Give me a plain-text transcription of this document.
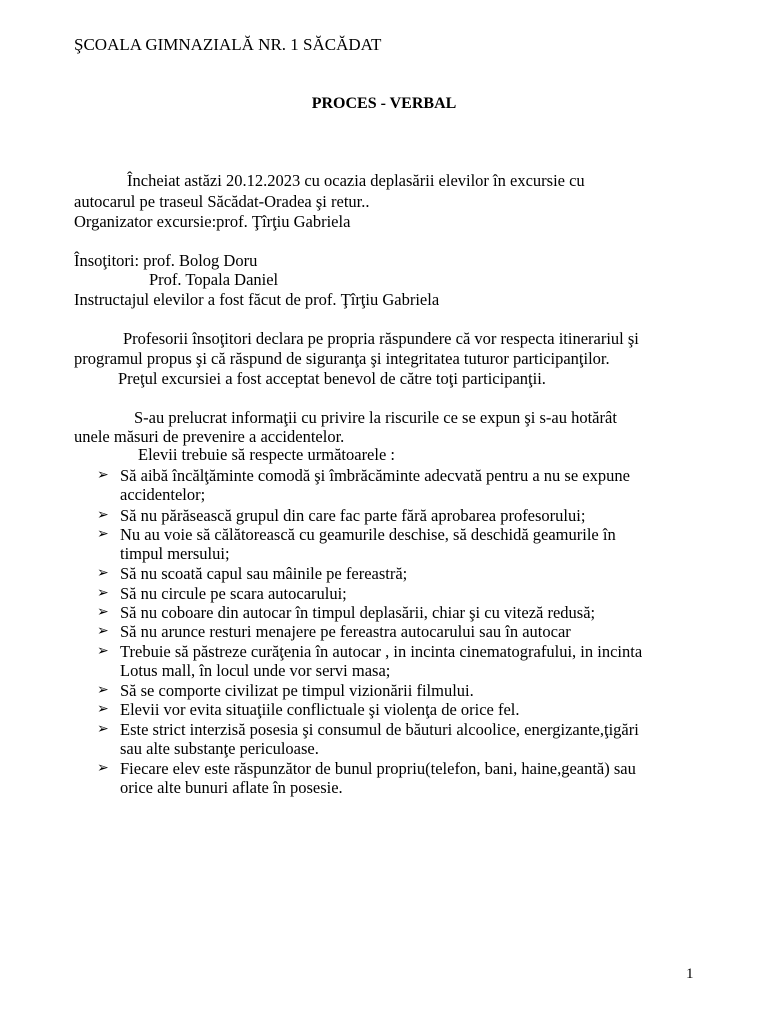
ŞCOALA GIMNAZIALĂ NR. 1 SĂCĂDAT
PROCES - VERBAL
Încheiat astăzi 20.12.2023 cu ocazia deplasării elevilor în excursie cu
autocarul pe traseul Săcădat-Oradea şi retur..
Organizator excursie:prof. Ţîrţiu Gabriela
Însoţitori: prof. Bolog Doru
Prof. Topala Daniel
Instructajul elevilor a fost făcut de prof. Ţîrţiu Gabriela
Profesorii însoţitori declara pe propria răspundere că vor respecta itinerariul şi
programul propus şi că răspund de siguranţa şi integritatea tuturor participanţilor.
Preţul excursiei a fost acceptat benevol de către toţi participanţii.
S-au prelucrat informaţii cu privire la riscurile ce se expun şi s-au hotărât
unele măsuri de prevenire a accidentelor.
Elevii trebuie să respecte următoarele :
➢ Să aibă încălţăminte comodă şi îmbrăcăminte adecvată pentru a nu se expune
accidentelor;
➢ Să nu părăsească grupul din care fac parte fără aprobarea profesorului;
➢ Nu au voie să călătorească cu geamurile deschise, să deschidă geamurile în
timpul mersului;
➢ Să nu scoată capul sau mâinile pe fereastră;
➢ Să nu circule pe scara autocarului;
➢ Să nu coboare din autocar în timpul deplasării, chiar şi cu viteză redusă;
➢ Să nu arunce resturi menajere pe fereastra autocarului sau în autocar
➢ Trebuie să păstreze curăţenia în autocar , in incinta cinematografului, in incinta
Lotus mall, în locul unde vor servi masa;
➢ Să se comporte civilizat pe timpul vizionării filmului.
➢ Elevii vor evita situaţiile conflictuale şi violenţa de orice fel.
➢ Este strict interzisă posesia şi consumul de băuturi alcoolice, energizante,ţigări
sau alte substanţe periculoase.
➢ Fiecare elev este răspunzător de bunul propriu(telefon, bani, haine,geantă) sau
orice alte bunuri aflate în posesie.
1
